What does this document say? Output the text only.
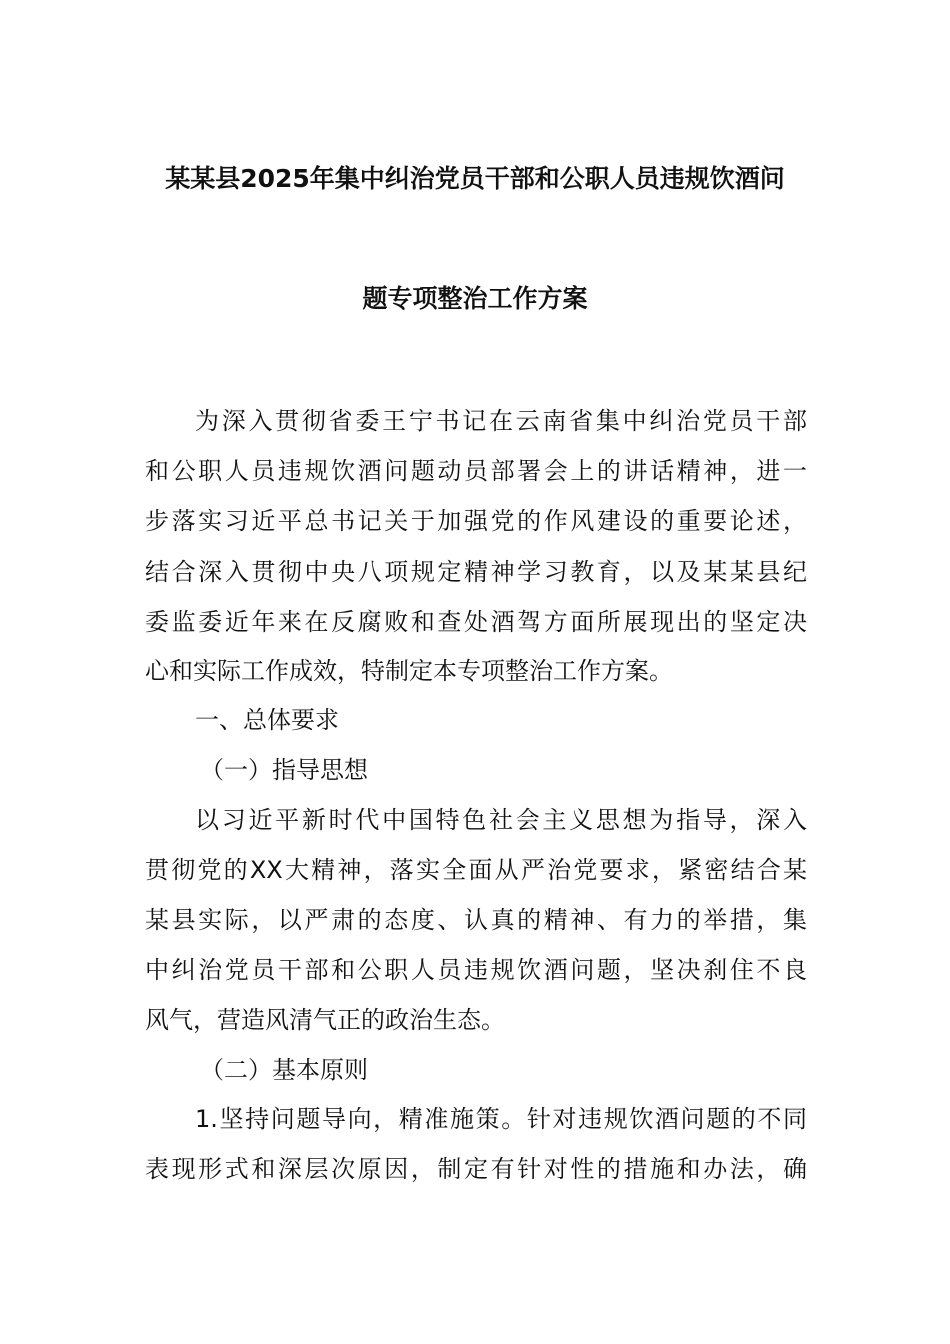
某某县2025年集中纠治党员干部和公职人员违规饮酒问
题专项整治工作方案
为深入贯彻省委王宁书记在云南省集中纠治党员干部
和公职人员违规饮酒问题动员部署会上的讲话精神，进一
步落实习近平总书记关于加强党的作风建设的重要论述，
结合深入贯彻中央八项规定精神学习教育，以及某某县纪
委监委近年来在反腐败和查处酒驾方面所展现出的坚定决
心和实际工作成效，特制定本专项整治工作方案。
一、总体要求
（一）指导思想
以习近平新时代中国特色社会主义思想为指导，深入
贯彻党的XX大精神，落实全面从严治党要求，紧密结合某
某县实际，以严肃的态度、认真的精神、有力的举措，集
中纠治党员干部和公职人员违规饮酒问题，坚决刹住不良
风气，营造风清气正的政治生态。
（二）基本原则
1.坚持问题导向，精准施策。针对违规饮酒问题的不同
表现形式和深层次原因，制定有针对性的措施和办法，确
